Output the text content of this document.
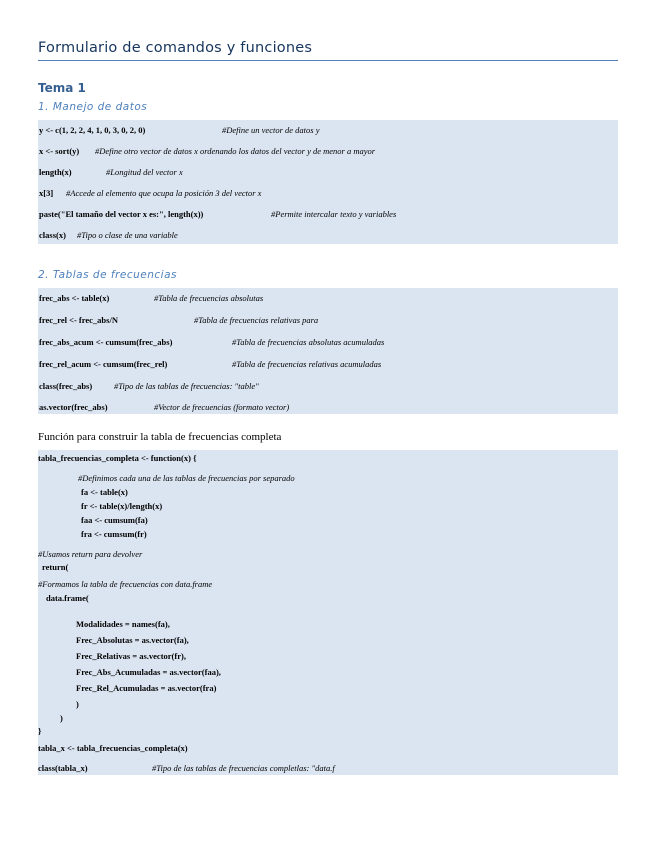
Formulario de comandos y funciones
Tema 1
1. Manejo de datos
y <- c(1, 2, 2, 4, 1, 0, 3, 0, 2, 0)	#Define un vector de datos y
x <- sort(y) #Define otro vector de datos x ordenando los datos del vector y de menor a mayor
length(x)	#Longitud del vector x
x[3] #Accede al elemento que ocupa la posición 3 del vector x
paste("El tamaño del vector x es:", length(x))	#Permite intercalar texto y variables
class(x) #Tipo o clase de una variable
2. Tablas de frecuencias
frec_abs <- table(x)	#Tabla de frecuencias absolutas
frec_rel <- frec_abs/N	#Tabla de frecuencias relativas para
frec_abs_acum <- cumsum(frec_abs)	#Tabla de frecuencias absolutas acumuladas
frec_rel_acum <- cumsum(frec_rel)	#Tabla de frecuencias relativas acumuladas
class(frec_abs)	#Tipo de las tablas de frecuencias: "table"
as.vector(frec_abs)	#Vector de frecuencias (formato vector)
Función para construir la tabla de frecuencias completa
tabla_frecuencias_completa <- function(x) {
#Definimos cada una de las tablas de frecuencias por separado
fa <- table(x)
fr <- table(x)/length(x)
faa <- cumsum(fa)
fra <- cumsum(fr)
#Usamos return para devolver
return(
#Formamos la tabla de frecuencias con data.frame
data.frame(
Modalidades = names(fa),
Frec_Absolutas = as.vector(fa),
Frec_Relativas = as.vector(fr),
Frec_Abs_Acumuladas = as.vector(faa),
Frec_Rel_Acumuladas = as.vector(fra)
)
)
}
tabla_x <- tabla_frecuencias_completa(x)
class(tabla_x)	#Tipo de las tablas de frecuencias completlas: "data.f
